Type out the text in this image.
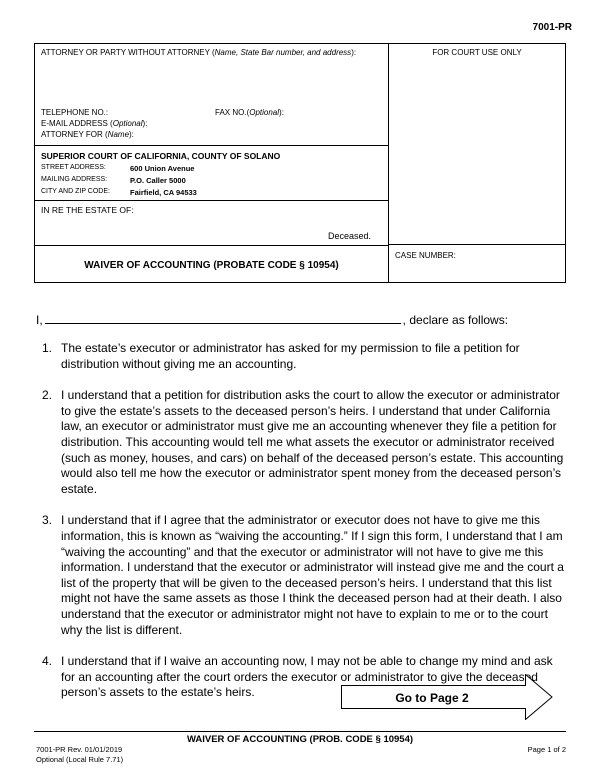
7001-PR
ATTORNEY OR PARTY WITHOUT ATTORNEY (Name, State Bar number, and address):
TELEPHONE NO.:	FAX NO.(Optional):
E-MAIL ADDRESS (Optional):
ATTORNEY FOR (Name):
SUPERIOR COURT OF CALIFORNIA, COUNTY OF SOLANO
STREET ADDRESS:	600 Union Avenue
MAILING ADDRESS:	P.O. Caller 5000
CITY AND ZIP CODE:	Fairfield, CA 94533
IN RE THE ESTATE OF:
Deceased.
WAIVER OF ACCOUNTING (PROBATE CODE § 10954)
FOR COURT USE ONLY
CASE NUMBER:
I,	, declare as follows:
1. The estate’s executor or administrator has asked for my permission to file a petition for distribution without giving me an accounting.
2. I understand that a petition for distribution asks the court to allow the executor or administrator to give the estate’s assets to the deceased person’s heirs. I understand that under California law, an executor or administrator must give me an accounting whenever they file a petition for distribution. This accounting would tell me what assets the executor or administrator received (such as money, houses, and cars) on behalf of the deceased person’s estate. This accounting would also tell me how the executor or administrator spent money from the deceased person’s estate.
3. I understand that if I agree that the administrator or executor does not have to give me this information, this is known as “waiving the accounting.” If I sign this form, I understand that I am “waiving the accounting” and that the executor or administrator will not have to give me this information. I understand that the executor or administrator will instead give me and the court a list of the property that will be given to the deceased person’s heirs. I understand that this list might not have the same assets as those I think the deceased person had at their death. I also understand that the executor or administrator might not have to explain to me or to the court why the list is different.
4. I understand that if I waive an accounting now, I may not be able to change my mind and ask for an accounting after the court orders the executor or administrator to give the deceased person’s assets to the estate’s heirs.	Go to Page 2
WAIVER OF ACCOUNTING (PROB. CODE § 10954)
7001-PR Rev. 01/01/2019
Optional (Local Rule 7.71)
Page 1 of 2
